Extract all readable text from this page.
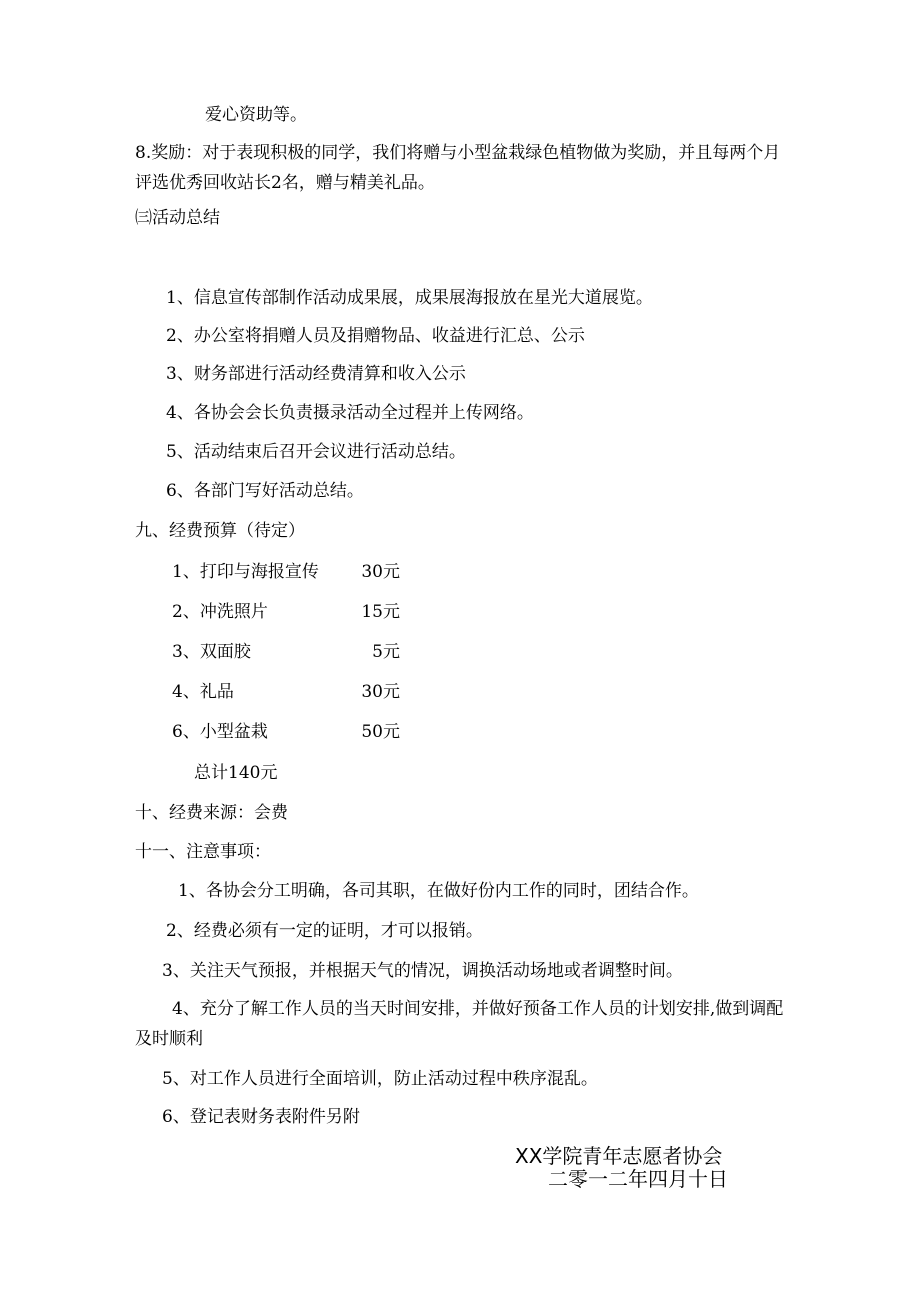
爱心资助等。
8.奖励：对于表现积极的同学，我们将赠与小型盆栽绿色植物做为奖励，并且每两个月评选优秀回收站长2名，赠与精美礼品。
㈢活动总结
1、信息宣传部制作活动成果展，成果展海报放在星光大道展览。
2、办公室将捐赠人员及捐赠物品、收益进行汇总、公示
3、财务部进行活动经费清算和收入公示
4、各协会会长负责摄录活动全过程并上传网络。
5、活动结束后召开会议进行活动总结。
6、各部门写好活动总结。
九、经费预算（待定）
1、打印与海报宣传	30元
2、冲洗照片	15元
3、双面胶	5元
4、礼品	30元
6、小型盆栽	50元
总计140元
十、经费来源：会费
十一、注意事项：
1、各协会分工明确，各司其职，在做好份内工作的同时，团结合作。
2、经费必须有一定的证明，才可以报销。
3、关注天气预报，并根据天气的情况，调换活动场地或者调整时间。
4、充分了解工作人员的当天时间安排，并做好预备工作人员的计划安排,做到调配及时顺利
5、对工作人员进行全面培训，防止活动过程中秩序混乱。
6、登记表财务表附件另附
XX学院青年志愿者协会
二零一二年四月十日
